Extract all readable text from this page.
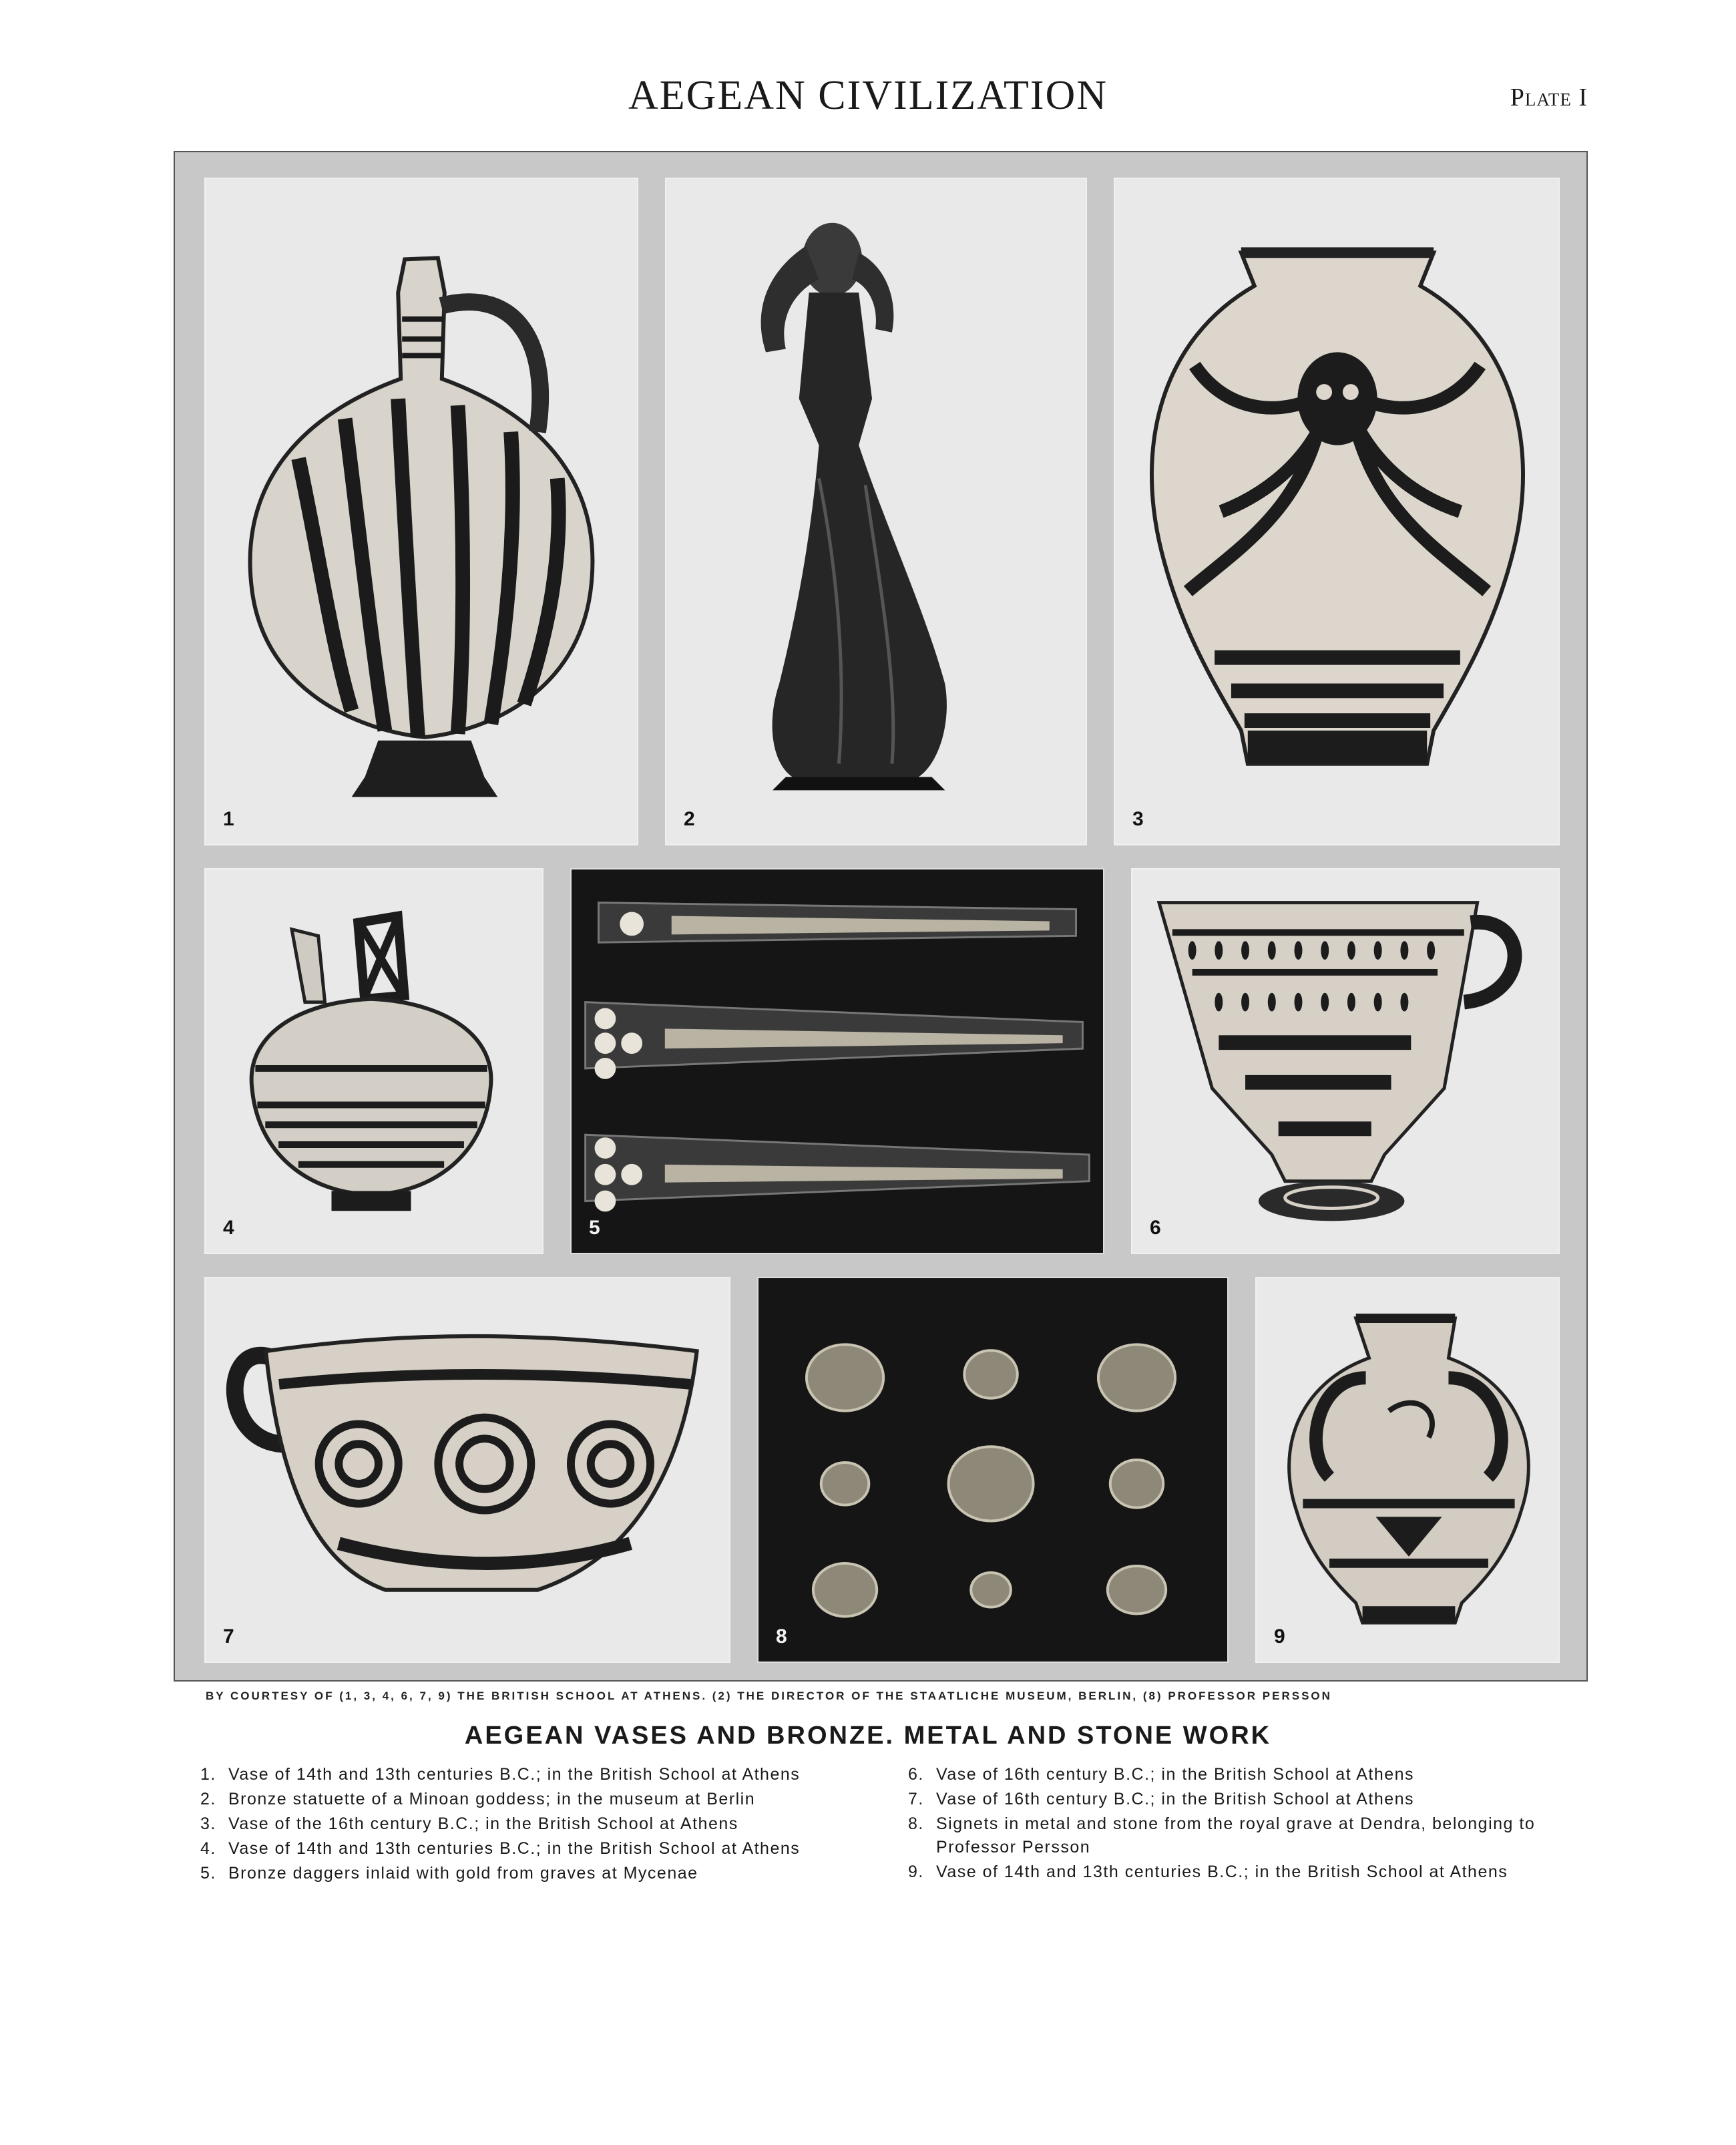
AEGEAN CIVILIZATION	Plate I
1	2	3
4	5	6
7	8	9
BY COURTESY OF (1, 3, 4, 6, 7, 9) THE BRITISH SCHOOL AT ATHENS. (2) THE DIRECTOR OF THE STAATLICHE MUSEUM, BERLIN, (8) PROFESSOR PERSSON
AEGEAN VASES AND BRONZE. METAL AND STONE WORK
1. Vase of 14th and 13th centuries B.C.; in the British School at Athens
2. Bronze statuette of a Minoan goddess; in the museum at Berlin
3. Vase of the 16th century B.C.; in the British School at Athens
4. Vase of 14th and 13th centuries B.C.; in the British School at Athens
5. Bronze daggers inlaid with gold from graves at Mycenae
6. Vase of 16th century B.C.; in the British School at Athens
7. Vase of 16th century B.C.; in the British School at Athens
8. Signets in metal and stone from the royal grave at Dendra, belonging to Professor Persson
9. Vase of 14th and 13th centuries B.C.; in the British School at Athens
